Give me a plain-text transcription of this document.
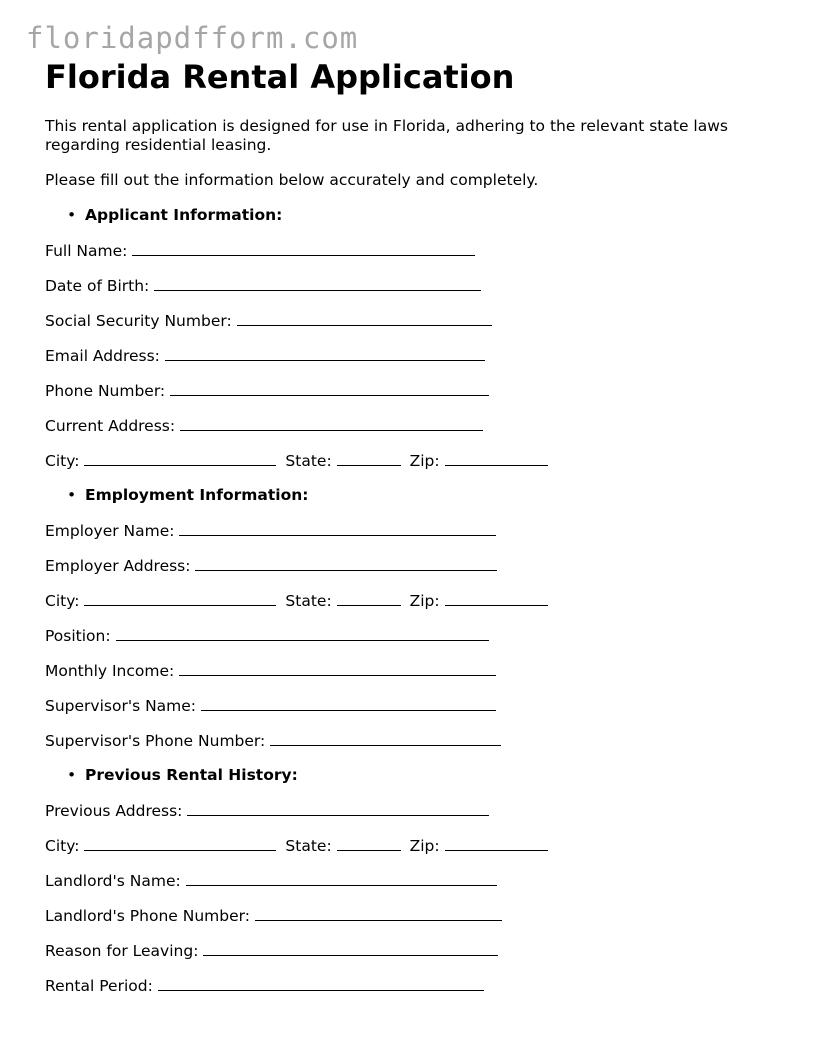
floridapdfform.com
Florida Rental Application

This rental application is designed for use in Florida, adhering to the relevant state laws regarding residential leasing.

Please fill out the information below accurately and completely.

• Applicant Information:
Full Name:
Date of Birth:
Social Security Number:
Email Address:
Phone Number:
Current Address:
City:	State:	Zip:
• Employment Information:
Employer Name:
Employer Address:
City:	State:	Zip:
Position:
Monthly Income:
Supervisor's Name:
Supervisor's Phone Number:
• Previous Rental History:
Previous Address:
City:	State:	Zip:
Landlord's Name:
Landlord's Phone Number:
Reason for Leaving:
Rental Period:
